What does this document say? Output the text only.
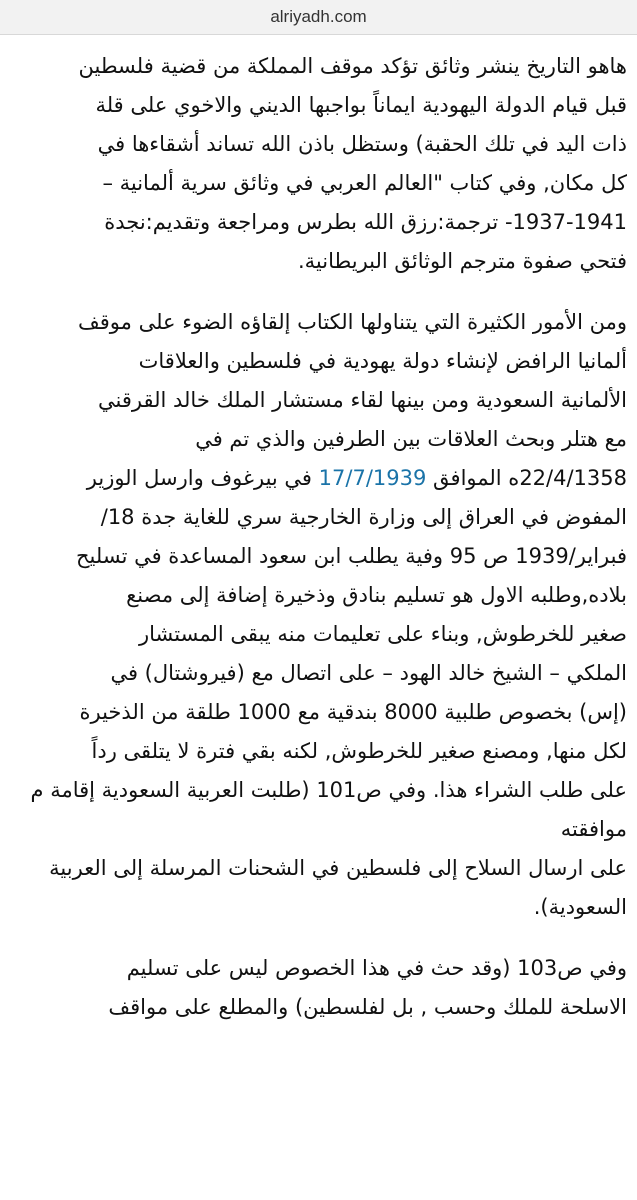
alriyadh.com

هاهو التاريخ ينشر وثائق تؤكد موقف المملكة من قضية فلسطين
قبل قيام الدولة اليهودية ايماناً بواجبها الديني والاخوي على قلة
ذات اليد في تلك الحقبة) وستظل باذن الله تساند أشقاءها في
كل مكان, وفي كتاب "العالم العربي في وثائق سرية ألمانية –
1937-1941- ترجمة:رزق الله بطرس ومراجعة وتقديم:نجدة
فتحي صفوة مترجم الوثائق البريطانية.

ومن الأمور الكثيرة التي يتناولها الكتاب إلقاؤه الضوء على موقف
ألمانيا الرافض لإنشاء دولة يهودية في فلسطين والعلاقات
الألمانية السعودية ومن بينها لقاء مستشار الملك خالد القرقني
مع هتلر وبحث العلاقات بين الطرفين والذي تم في
22/4/1358ه الموافق 17/7/1939 في بيرغوف وارسل الوزير
المفوض في العراق إلى وزارة الخارجية سري للغاية جدة 18/
فبراير/1939 ص 95 وفية يطلب ابن سعود المساعدة في تسليح
بلاده,وطلبه الاول هو تسليم بنادق وذخيرة إضافة إلى مصنع
صغير للخرطوش, وبناء على تعليمات منه يبقى المستشار
الملكي – الشيخ خالد الهود – على اتصال مع (فيروشتال) في
(إس) بخصوص طلبية 8000 بندقية مع 1000 طلقة من الذخيرة
لكل منها, ومصنع صغير للخرطوش, لكنه بقي فترة لا يتلقى رداً
على طلب الشراء هذا. وفي ص101 (طلبت العربية السعودية إقامة م
موافقته
على ارسال السلاح إلى فلسطين في الشحنات المرسلة إلى العربية
السعودية).

وفي ص103 (وقد حث في هذا الخصوص ليس على تسليم
الاسلحة للملك وحسب , بل لفلسطين) والمطلع على مواقف
